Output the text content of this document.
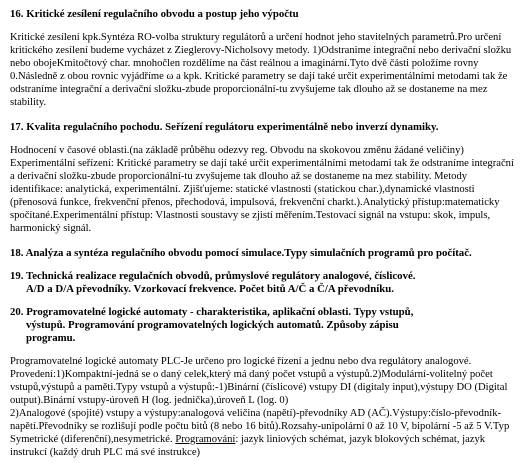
16. Kritické zesílení regulačního obvodu a postup jeho výpočtu

Kritické zesílení kpk.Syntéza RO-volba struktury regulátorů a určení hodnot jeho stavitelných parametrů.Pro určení kritického zesílení budeme vycházet z Zieglerovy-Nicholsovy metody. 1)Odstranime integrační nebo derivační složku nebo obojeKmitočtový char. mnohočlen rozdělíme na část reálnou a imaginární.Tyto dvě části položíme rovny 0.Následně z obou rovnic vyjádříme ω a kpk. Kritické parametry se dají také určit experimentálními metodami tak že odstraníme integrační a derivační složku-zbude proporcionální-tu zvyšujeme tak dlouho až se dostaneme na mez stability.

17. Kvalita regulačního pochodu. Seřízení regulátoru experimentálně nebo inverzí dynamiky.

Hodnocení v časové oblasti.(na základě průběhu odezvy reg. Obvodu na skokovou změnu žádané veličiny) Experimentální seřízení: Kritické parametry se dají také určit experimentálními metodami tak že odstraníme integrační a derivační složku-zbude proporcionální-tu zvyšujeme tak dlouho až se dostaneme na mez stability. Metody identifikace: analytická, experimentální. Zjišťujeme: statické vlastnosti (statickou char.),dynamické vlastnosti (přenosová funkce, frekvenční přenos, přechodová, impulsová, frekvenční charkt.).Analytický přístup:matematicky spočítané.Experimentální přístup: Vlastnosti soustavy se zjistí měřením.Testovací signál na vstupu: skok, impuls, harmonický signál.

18. Analýza a syntéza regulačního obvodu pomocí simulace.Typy simulačních programů pro počítač.
19. Technická realizace regulačních obvodů, průmyslové regulátory analogové, číslicové.
A/D a D/A převodníky. Vzorkovací frekvence. Počet bitů A/Č a Č/A převodníku.
20. Programovatelné logické automaty - charakteristika, aplikační oblasti. Typy vstupů,
výstupů. Programování programovatelných logických automatů. Způsoby zápisu
programu.

Programovatelné logické automaty PLC-Je určeno pro logické řízení a jednu nebo dva regulátory analogové. Provedení:1)Kompaktní-jedná se o daný celek,který má daný počet vstupů a výstupů.2)Modulární-volitelný počet vstupů,výstupů a paměti.Typy vstupů a výstupů:-1)Binární (číslicové) vstupy DI (digitaly input),výstupy DO (Digital output).Binární vstupy-úroveň H (log. jednička),úroveň L (log. 0)

2)Analogové (spojité) vstupy a výstupy:analogová veličina (napětí)-převodníky AD (AČ).Výstupy:číslo-převodník-napětí.Převodníky se rozlišují podle počtu bitů (8 nebo 16 bitů).Rozsahy-unipolární 0 až 10 V, bipolární -5 až 5 V.Typ Symetrické (diferenční),nesymetrické. Programování: jazyk liniových schémat, jazyk blokových schémat, jazyk instrukcí (každý druh PLC má své instrukce)
